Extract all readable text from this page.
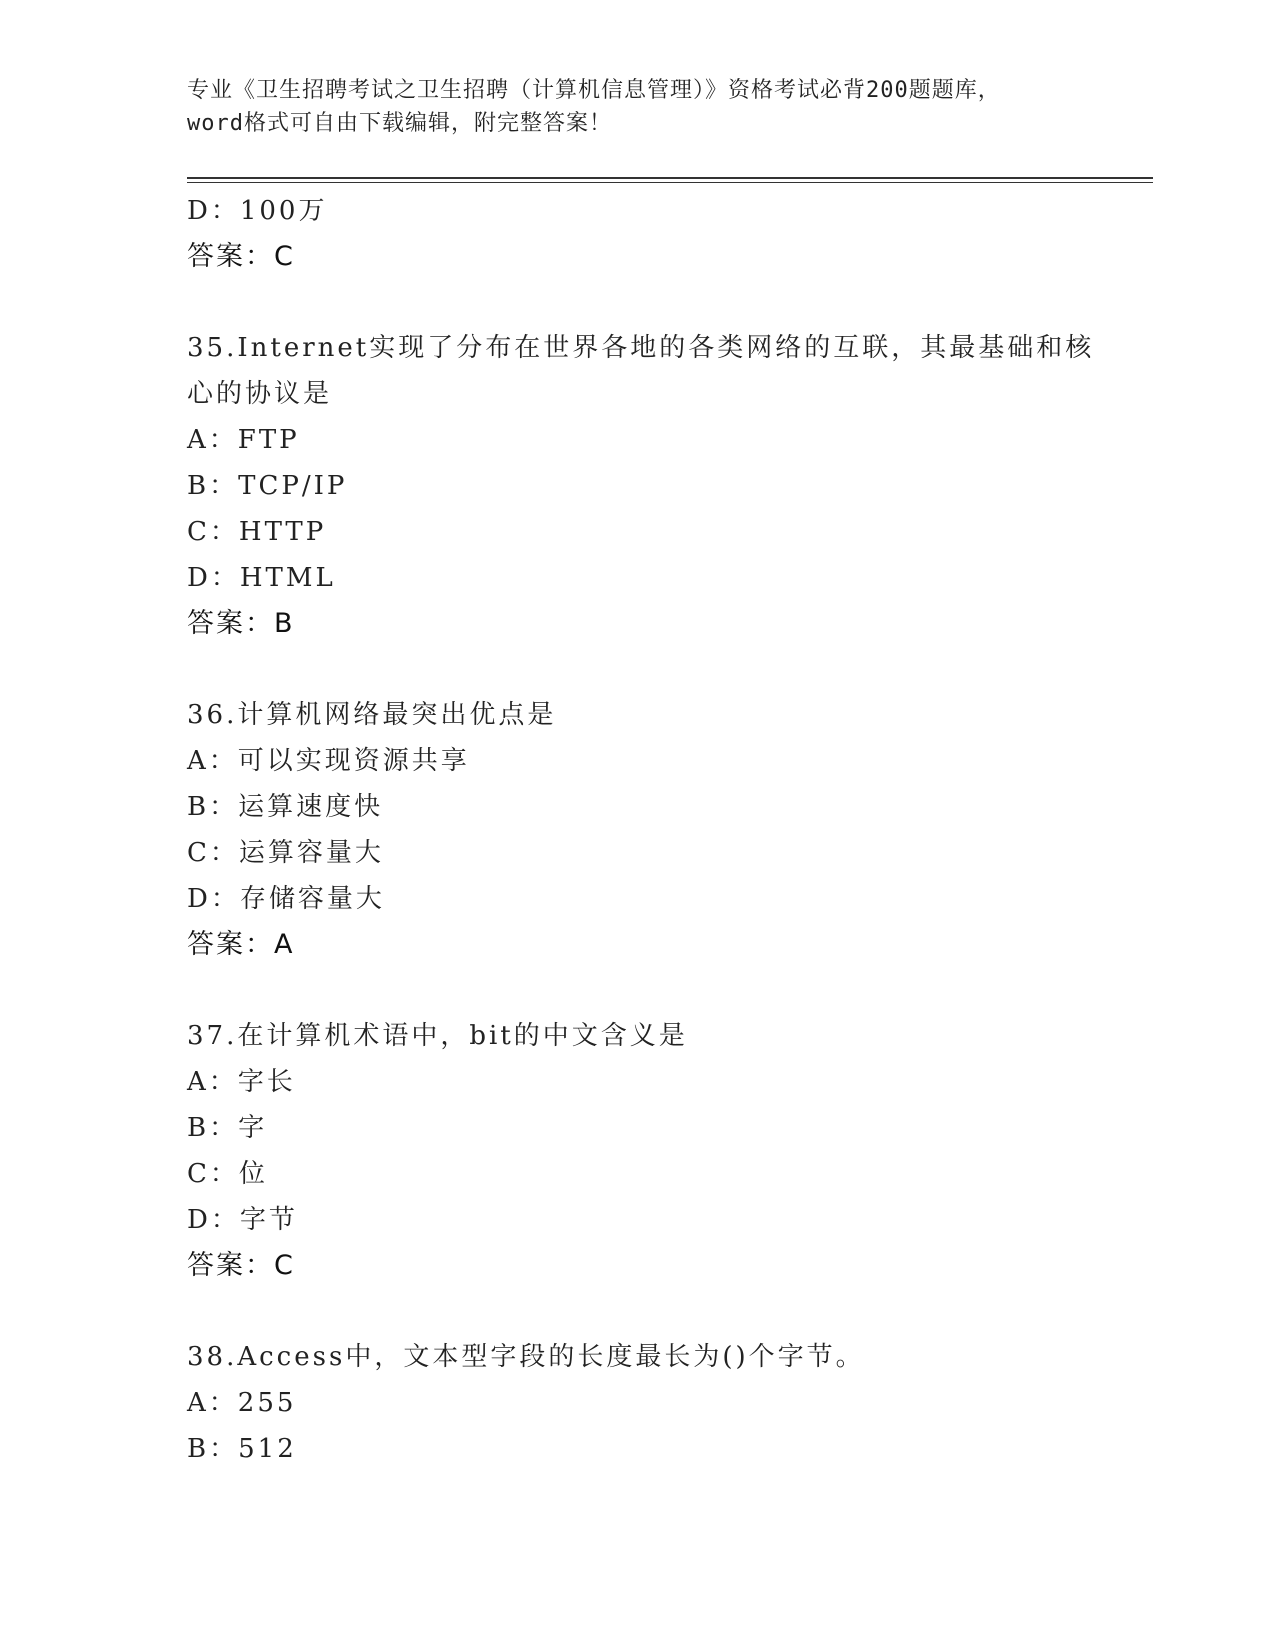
专业《卫生招聘考试之卫生招聘（计算机信息管理）》资格考试必背200题题库，
word格式可自由下载编辑，附完整答案！
D：100万
答案：C
35.Internet实现了分布在世界各地的各类网络的互联，其最基础和核
心的协议是
A：FTP
B：TCP/IP
C：HTTP
D：HTML
答案：B
36.计算机网络最突出优点是
A：可以实现资源共享
B：运算速度快
C：运算容量大
D：存储容量大
答案：A
37.在计算机术语中，bit的中文含义是
A：字长
B：字
C：位
D：字节
答案：C
38.Access中，文本型字段的长度最长为()个字节。
A：255
B：512
